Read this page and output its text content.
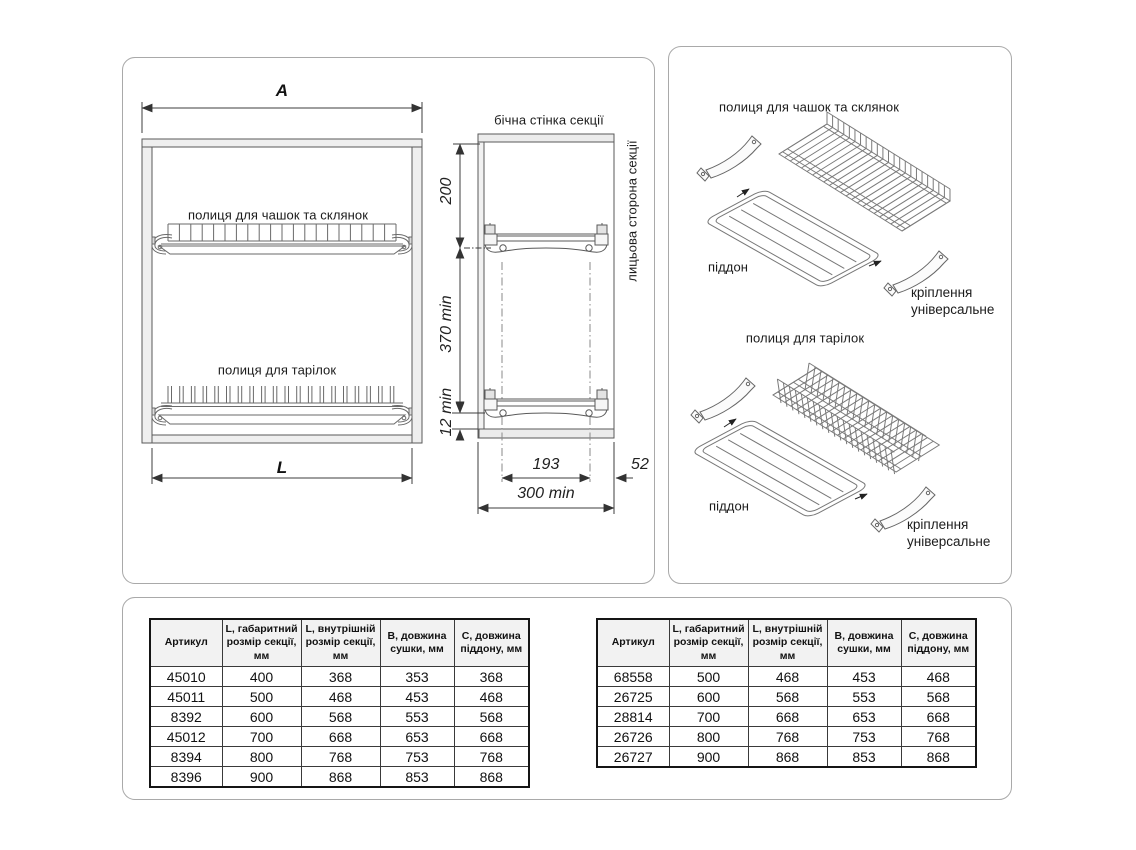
полиця для чашок та склянок
полиця для тарілок
A
L
бічна стінка секції
лицьова сторона секції
200
370 min
12 min
193	52
300 min
полиця для чашок та склянок
піддон
кріплення універсальне
полиця для тарілок
піддон
кріплення універсальне
Артикул	L, габаритний розмір секції, мм	L, внутрішній розмір секції, мм	В, довжина сушки, мм	С, довжина піддону, мм
45010	400	368	353	368
45011	500	468	453	468
8392	600	568	553	568
45012	700	668	653	668
8394	800	768	753	768
8396	900	868	853	868
Артикул	L, габаритний розмір секції, мм	L, внутрішній розмір секції, мм	В, довжина сушки, мм	С, довжина піддону, мм
68558	500	468	453	468
26725	600	568	553	568
28814	700	668	653	668
26726	800	768	753	768
26727	900	868	853	868
